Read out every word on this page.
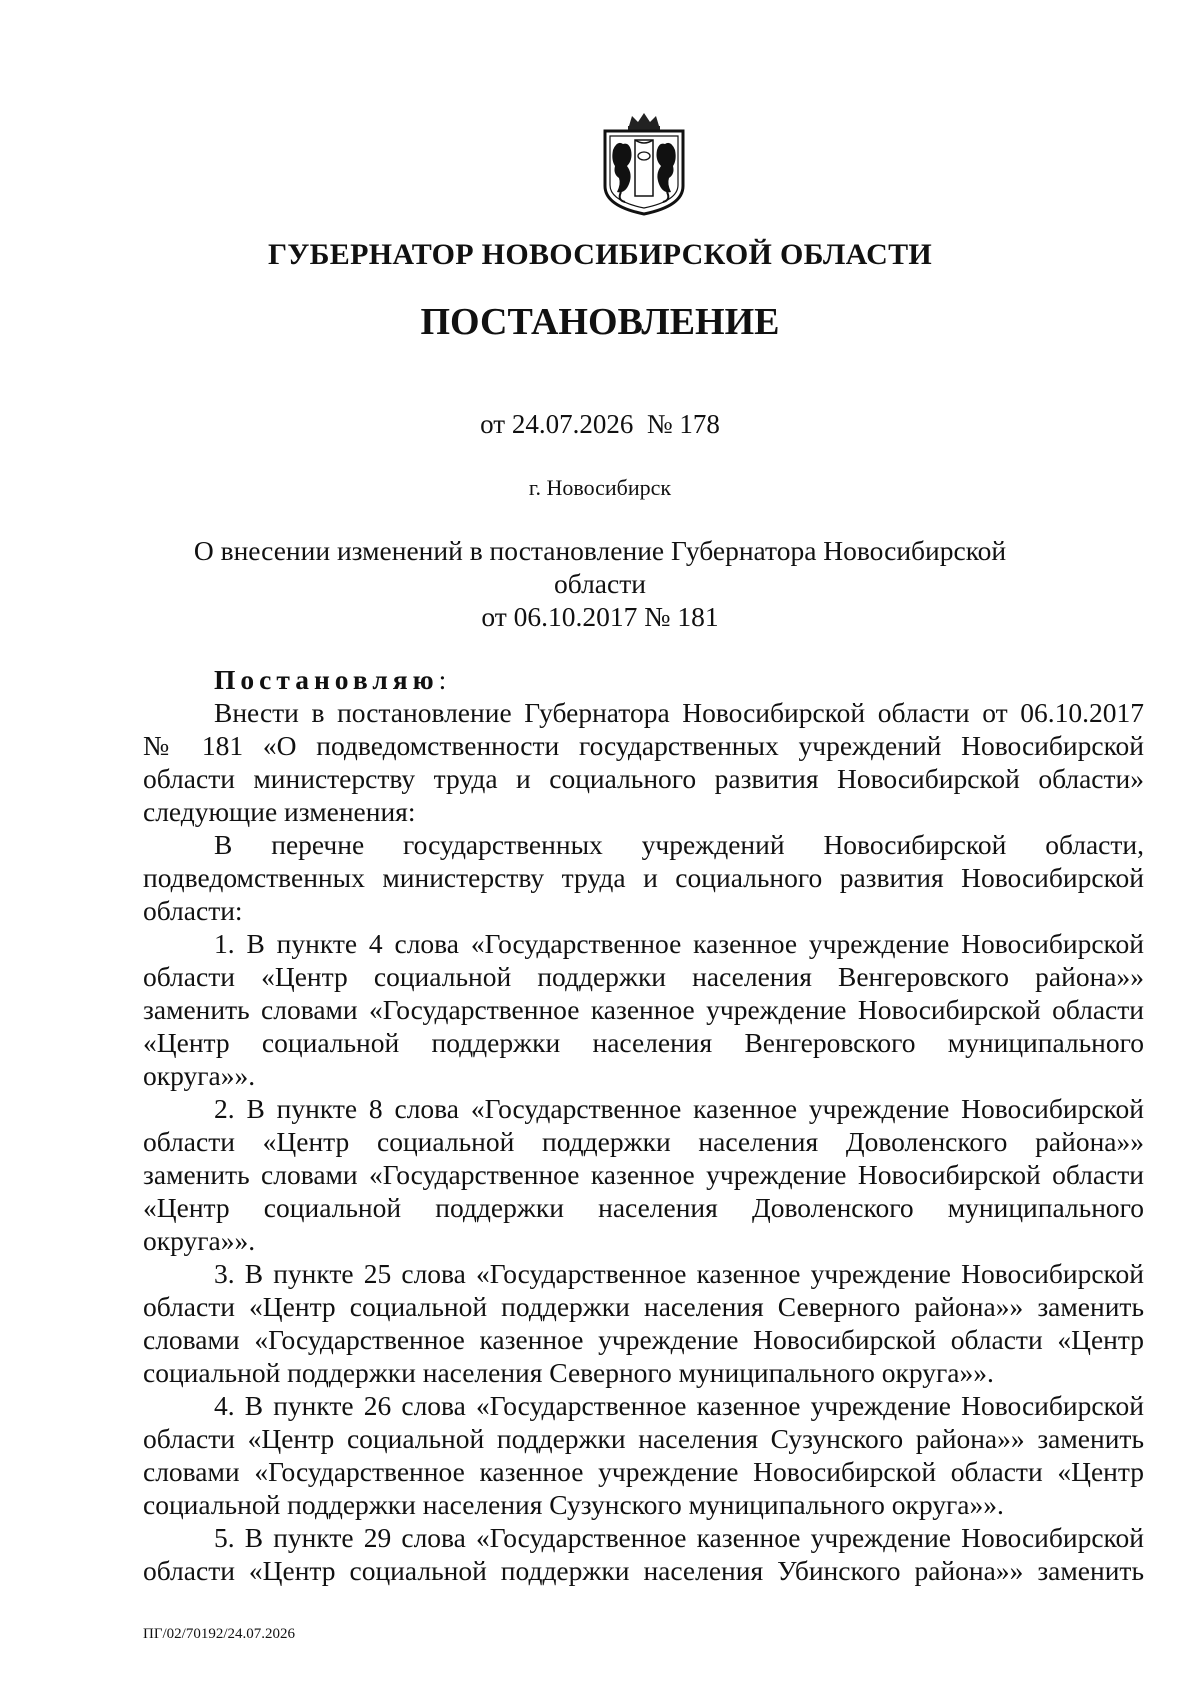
ГУБЕРНАТОР НОВОСИБИРСКОЙ ОБЛАСТИ
ПОСТАНОВЛЕНИЕ
от 24.07.2026  № 178
г. Новосибирск
О внесении изменений в постановление Губернатора Новосибирской области
от 06.10.2017 № 181
Постановляю:
Внести в постановление Губернатора Новосибирской области от 06.10.2017
№ 181 «О подведомственности государственных учреждений Новосибирской
области министерству труда и социального развития Новосибирской области»
следующие изменения:
В перечне государственных учреждений Новосибирской области,
подведомственных министерству труда и социального развития Новосибирской
области:
1. В пункте 4 слова «Государственное казенное учреждение Новосибирской
области «Центр социальной поддержки населения Венгеровского района»»
заменить словами «Государственное казенное учреждение Новосибирской области
«Центр социальной поддержки населения Венгеровского муниципального
округа»».
2. В пункте 8 слова «Государственное казенное учреждение Новосибирской
области «Центр социальной поддержки населения Доволенского района»»
заменить словами «Государственное казенное учреждение Новосибирской области
«Центр социальной поддержки населения Доволенского муниципального
округа»».
3. В пункте 25 слова «Государственное казенное учреждение Новосибирской
области «Центр социальной поддержки населения Северного района»» заменить
словами «Государственное казенное учреждение Новосибирской области «Центр
социальной поддержки населения Северного муниципального округа»».
4. В пункте 26 слова «Государственное казенное учреждение Новосибирской
области «Центр социальной поддержки населения Сузунского района»» заменить
словами «Государственное казенное учреждение Новосибирской области «Центр
социальной поддержки населения Сузунского муниципального округа»».
5. В пункте 29 слова «Государственное казенное учреждение Новосибирской
области «Центр социальной поддержки населения Убинского района»» заменить
ПГ/02/70192/24.07.2026
